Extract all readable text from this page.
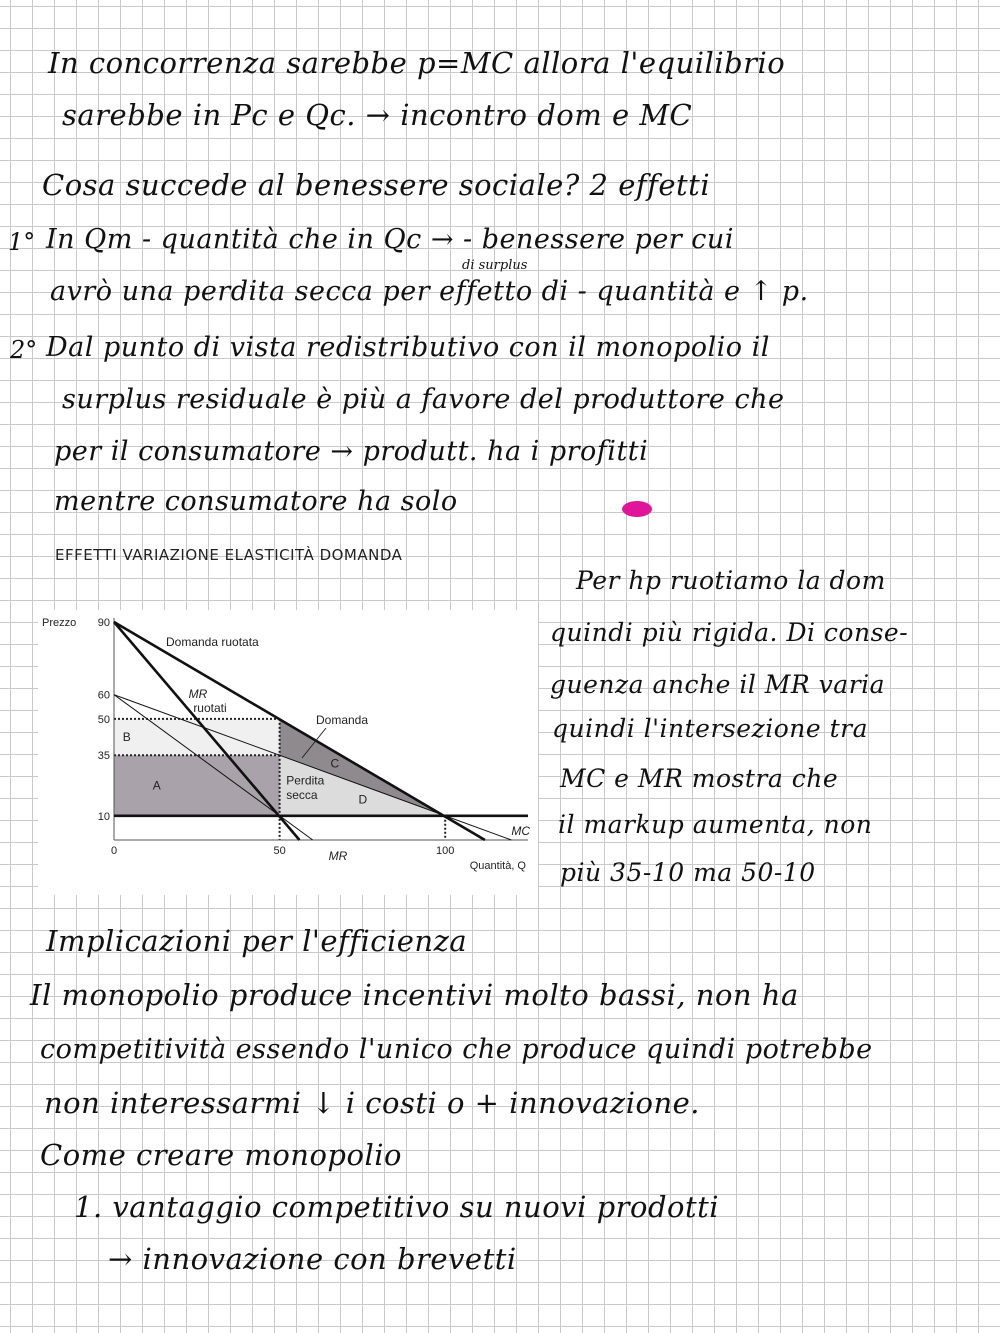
In concorrenza sarebbe p=MC allora l'equilibrio
sarebbe in Pc e Qc. → incontro dom e MC
Cosa succede al benessere sociale? 2 effetti
1° In Qm - quantità che in Qc → - benessere per cui
di surplus
avrò una perdita secca per effetto di - quantità e ↑ p.
2° Dal punto di vista redistributivo con il monopolio il
surplus residuale è più a favore del produttore che
per il consumatore → produtt. ha i profitti
mentre consumatore ha solo
EFFETTI VARIAZIONE ELASTICITÀ DOMANDA
Per hp ruotiamo la dom
quindi più rigida. Di conse-
guenza anche il MR varia
quindi l'intersezione tra
MC e MR mostra che
il markup aumenta, non
più 35-10 ma 50-10
A
B
C
D
10
35
50
60
90
0	50	100
Prezzo
Quantità, Q
Domanda ruotata
Domanda
MC
MR
MR
ruotati
Perdita
secca
Implicazioni per l'efficienza
Il monopolio produce incentivi molto bassi, non ha
competitività essendo l'unico che produce quindi potrebbe
non interessarmi ↓ i costi o + innovazione.
Come creare monopolio
1. vantaggio competitivo su nuovi prodotti
→ innovazione con brevetti
